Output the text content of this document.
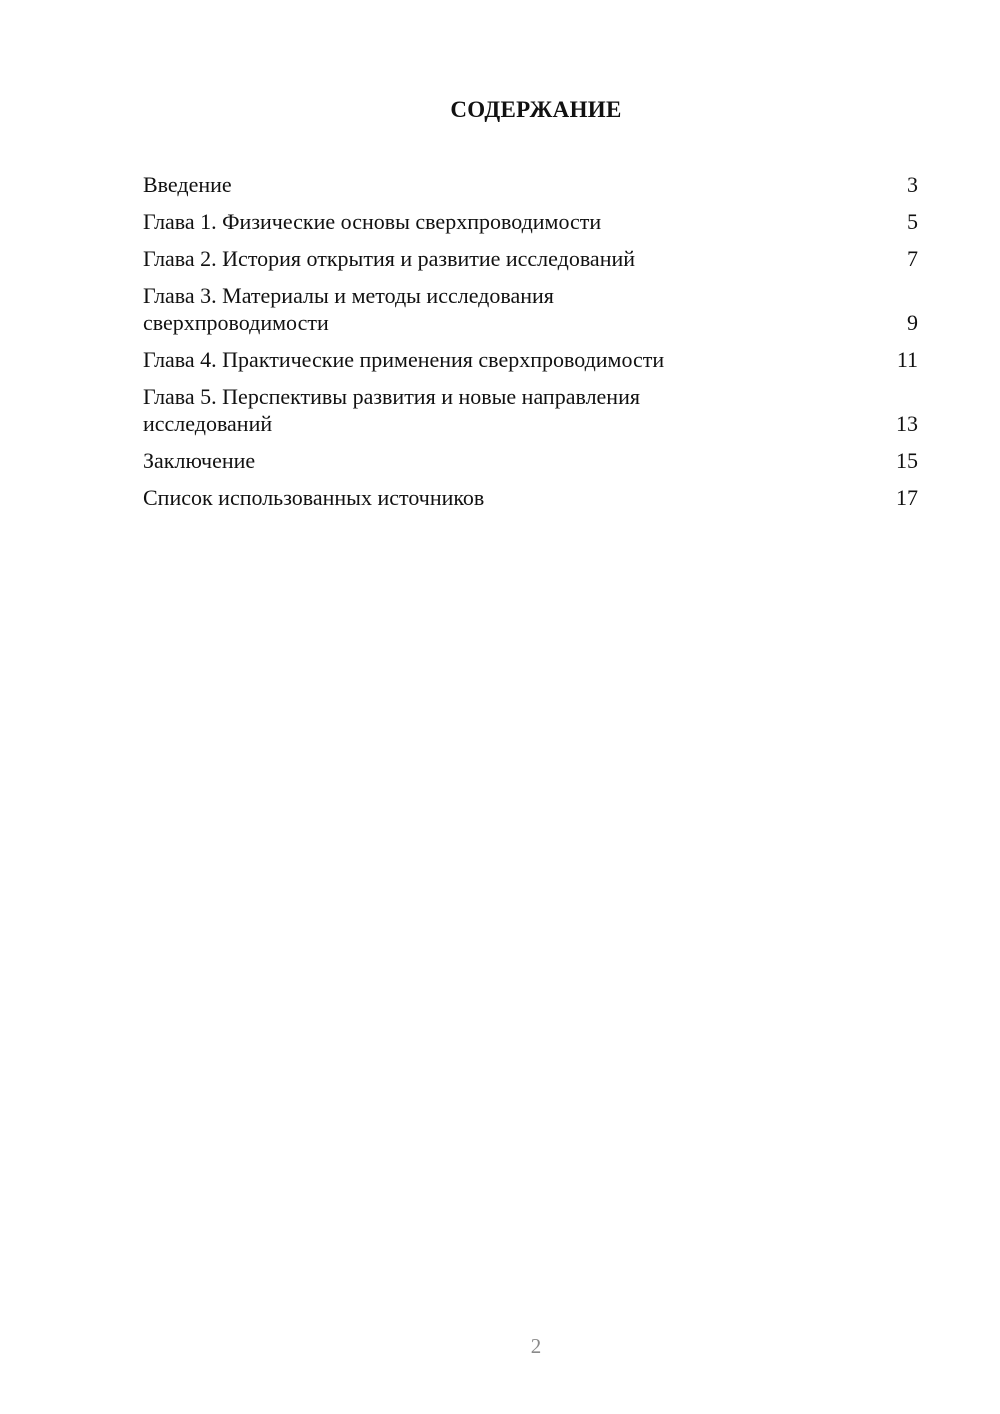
СОДЕРЖАНИЕ
Введение	3
Глава 1. Физические основы сверхпроводимости	5
Глава 2. История открытия и развитие исследований	7
Глава 3. Материалы и методы исследования сверхпроводимости	9
Глава 4. Практические применения сверхпроводимости	11
Глава 5. Перспективы развития и новые направления исследований	13
Заключение	15
Список использованных источников	17
2
